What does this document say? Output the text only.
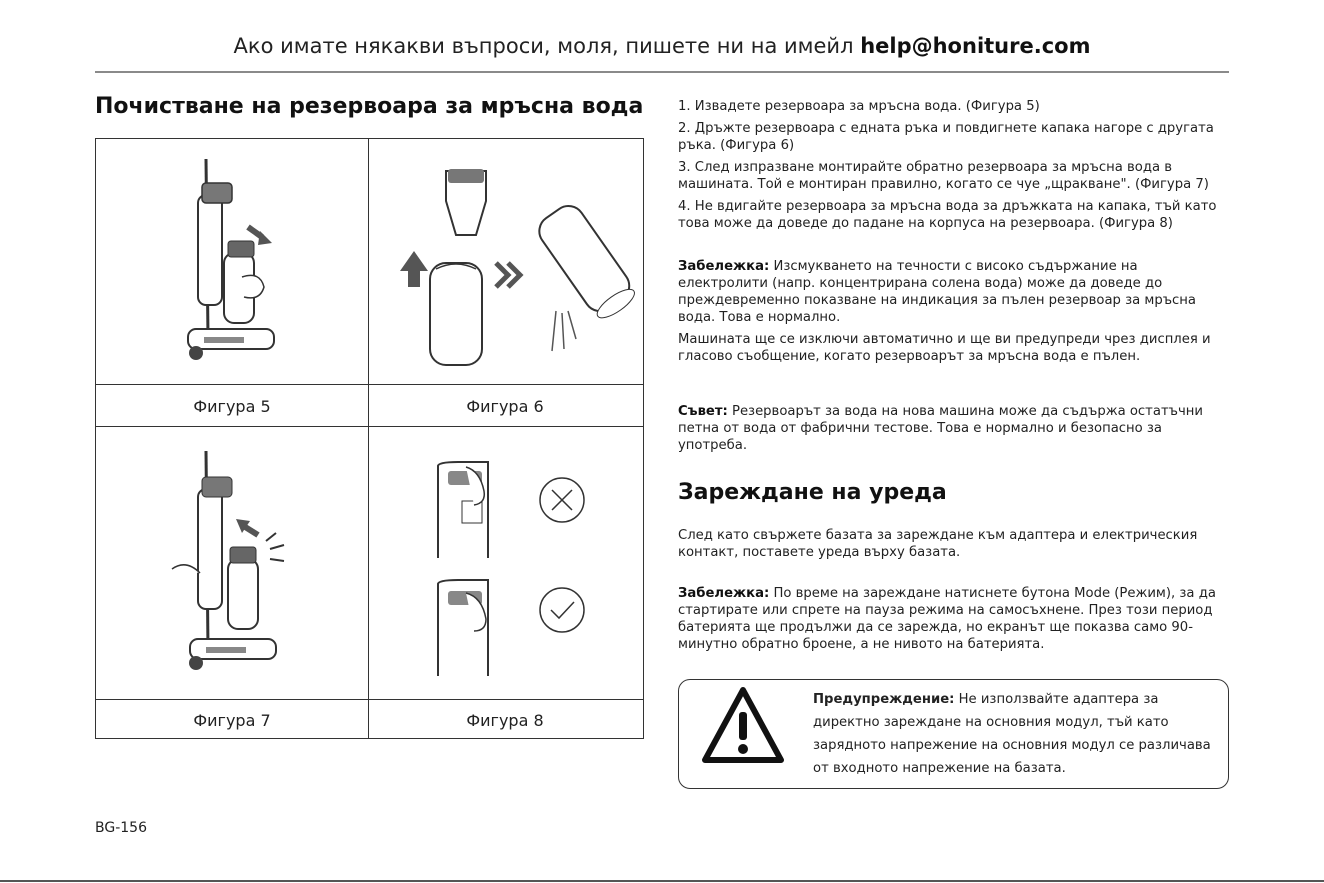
Ако имате някакви въпроси, моля, пишете ни на имейл help@honiture.com
Почистване на резервоара за мръсна вода
Фигура 5	Фигура 6
Фигура 7	Фигура 8

1. Извадете резервоара за мръсна вода. (Фигура 5)

2. Дръжте резервоара с едната ръка и повдигнете капака нагоре с другата ръка. (Фигура 6)

3. След изпразване монтирайте обратно резервоара за мръсна вода в машината. Той е монтиран правилно, когато се чуе „щракване". (Фигура 7)

4. Не вдигайте резервоара за мръсна вода за дръжката на капака, тъй като това може да доведе до падане на корпуса на резервоара. (Фигура 8)

Забележка: Изсмукването на течности с високо съдържание на електролити (напр. концентрирана солена вода) може да доведе до преждевременно показване на индикация за пълен резервоар за мръсна вода. Това е нормално.

Машината ще се изключи автоматично и ще ви предупреди чрез дисплея и гласово съобщение, когато резервоарът за мръсна вода е пълен.

Съвет: Резервоарът за вода на нова машина може да съдържа остатъчни петна от вода от фабрични тестове. Това е нормално и безопасно за употреба.

Зареждане на уреда

След като свържете базата за зареждане към адаптера и електрическия контакт, поставете уреда върху базата.

Забележка: По време на зареждане натиснете бутона Mode (Режим), за да стартирате или спрете на пауза режима на самосъхнене. През този период батерията ще продължи да се зарежда, но екранът ще показва само 90-минутно обратно броене, а не нивото на батерията.

Предупреждение: Не използвайте адаптера за директно зареждане на основния модул, тъй като зарядното напрежение на основния модул се различава от входното напрежение на базата.
BG-156
